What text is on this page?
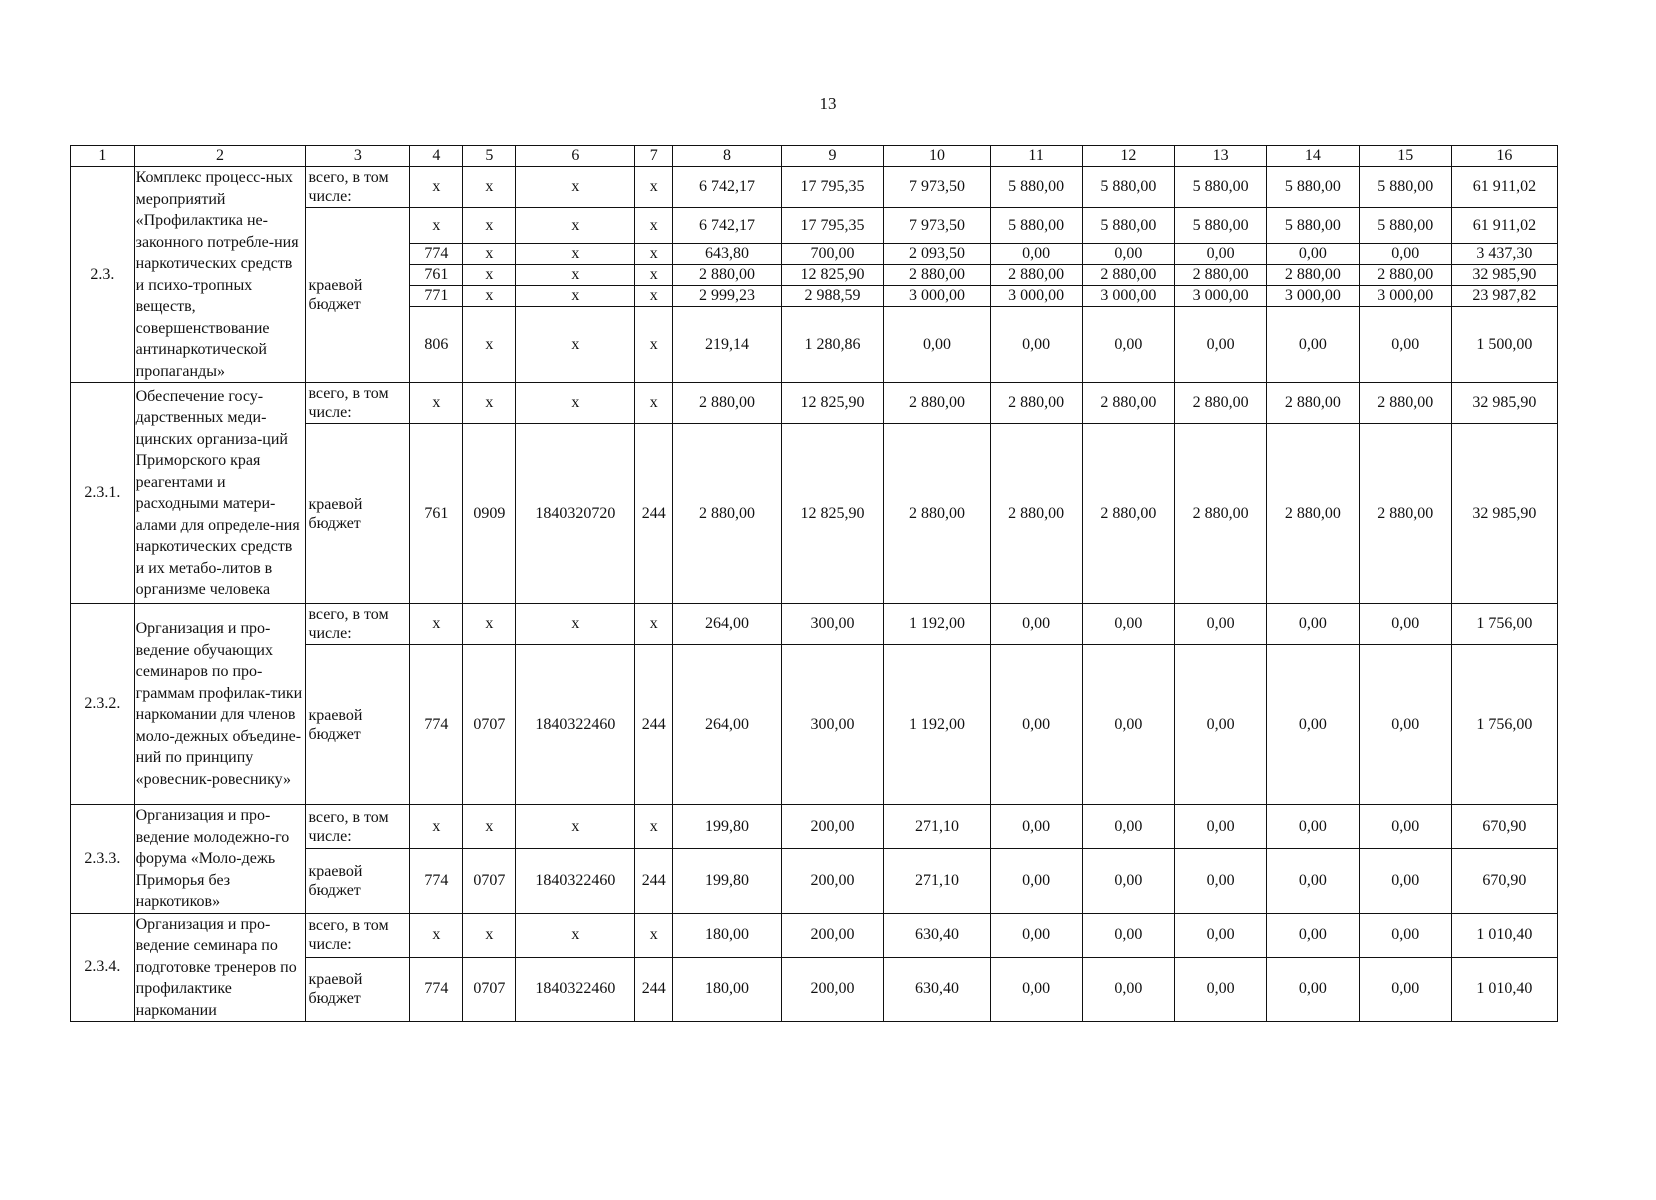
13
1	2	3	4	5	6	7	8	9	10	11	12	13	14	15	16
2.3.	Комплекс процесс-ных мероприятий «Профилактика не-законного потребле-ния наркотических средств и психо-тропных веществ, совершенствование антинаркотической пропаганды»	всего, в том числе:	x	x	x	x	6 742,17	17 795,35	7 973,50	5 880,00	5 880,00	5 880,00	5 880,00	5 880,00	61 911,02
		краевой бюджет	x	x	x	x	6 742,17	17 795,35	7 973,50	5 880,00	5 880,00	5 880,00	5 880,00	5 880,00	61 911,02
			774	x	x	x	643,80	700,00	2 093,50	0,00	0,00	0,00	0,00	0,00	3 437,30
			761	x	x	x	2 880,00	12 825,90	2 880,00	2 880,00	2 880,00	2 880,00	2 880,00	2 880,00	32 985,90
			771	x	x	x	2 999,23	2 988,59	3 000,00	3 000,00	3 000,00	3 000,00	3 000,00	3 000,00	23 987,82
			806	x	x	x	219,14	1 280,86	0,00	0,00	0,00	0,00	0,00	0,00	1 500,00
2.3.1.	Обеспечение госу-дарственных меди-цинских организа-ций Приморского края реагентами и расходными матери-алами для определе-ния наркотических средств и их метабо-литов в организме человека	всего, в том числе:	x	x	x	x	2 880,00	12 825,90	2 880,00	2 880,00	2 880,00	2 880,00	2 880,00	2 880,00	32 985,90
		краевой бюджет	761	0909	1840320720	244	2 880,00	12 825,90	2 880,00	2 880,00	2 880,00	2 880,00	2 880,00	2 880,00	32 985,90
2.3.2.	Организация и про-ведение обучающих семинаров по про-граммам профилак-тики наркомании для членов моло-дежных объедине-ний по принципу «ровесник-ровеснику»	всего, в том числе:	x	x	x	x	264,00	300,00	1 192,00	0,00	0,00	0,00	0,00	0,00	1 756,00
		краевой бюджет	774	0707	1840322460	244	264,00	300,00	1 192,00	0,00	0,00	0,00	0,00	0,00	1 756,00
2.3.3.	Организация и про-ведение молодежно-го форума «Моло-дежь Приморья без наркотиков»	всего, в том числе:	x	x	x	x	199,80	200,00	271,10	0,00	0,00	0,00	0,00	0,00	670,90
		краевой бюджет	774	0707	1840322460	244	199,80	200,00	271,10	0,00	0,00	0,00	0,00	0,00	670,90
2.3.4.	Организация и про-ведение семинара по подготовке тренеров по профилактике наркомании	всего, в том числе:	x	x	x	x	180,00	200,00	630,40	0,00	0,00	0,00	0,00	0,00	1 010,40
		краевой бюджет	774	0707	1840322460	244	180,00	200,00	630,40	0,00	0,00	0,00	0,00	0,00	1 010,40
